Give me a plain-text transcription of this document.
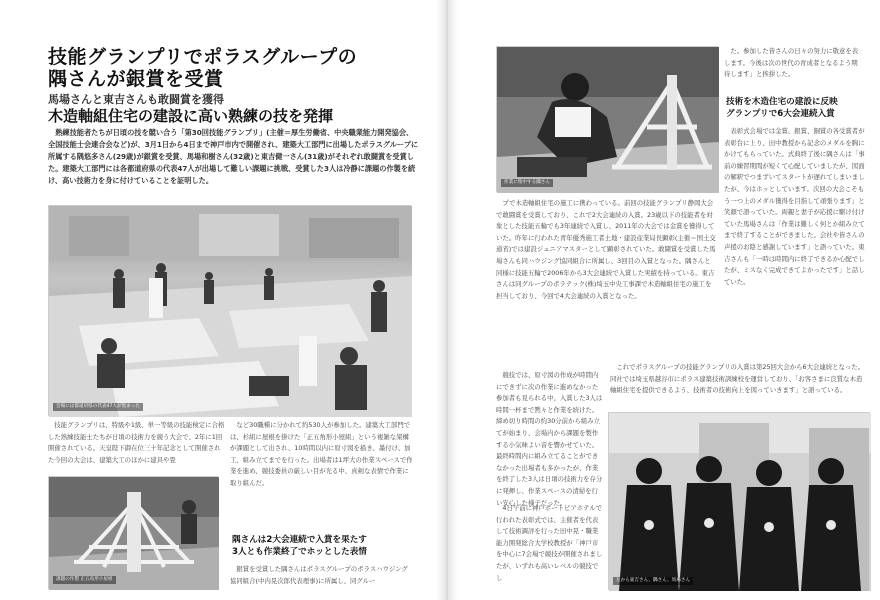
技能グランプリでポラスグループの
隅さんが銀賞を受賞
馬場さんと東吉さんも敢闘賞を獲得
木造軸組住宅の建設に高い熟練の技を発揮
熟練技能者たちが日頃の技を競い合う「第30回技能グランプリ」(主催＝厚生労働省、中央職業能力開発協会、全国技能士会連合会など)が、3月1日から4日まで神戸市内で開催され、建築大工部門に出場したポラスグループに所属する隅悠多さん(29歳)が銀賞を受賞、馬場和樹さん(32歳)と東吉健一さん(31歳)がそれぞれ敢闘賞を受賞した。建築大工部門には各都道府県の代表47人が出場して難しい課題に挑戦、受賞した3人は冷静に課題の作製を続け、高い技術力を身に付けていることを証明した。
会場には都道府県の代表47人が集まった
技能グランプリは、特級や1級、単一等級の技能検定に合格した熟練技能士たちが日頃の技術力を競う大会で、2年に1回開催されている。天皇陛下御在位三十年記念として開催された今回の大会は、建築大工のほかに建具や畳
課題の作製 正五角形小屋組
など30職種に分かれて約530人が参加した。建築大工部門では、杉組に屋根を掛けた「正五角形小屋組」という複雑な架構が課題として出され、10時間以内に原寸図を描き、墨付け、加工、組み立てまでを行った。出場者は1坪大の作業スペースで作業を進め、競技委員の厳しい目が光る中、真剣な表情で作業に取り組んだ。
隅さんは2大会連続で入賞を果たす
3人とも作業終了でホッとした表情
銀賞を受賞した隅さんはポラスグループのポラスハウジング協同組合(中内晃次郎代表理事)に所属し、同グルー
作業に集中する隅さん
た。参加した皆さんの日々の努力に敬意を表します。今後は次の世代の育成者となるよう期待します」と挨拶した。
技術を木造住宅の建設に反映
グランプリで6大会連続入賞
表彰式会場では金賞、銀賞、銅賞の各受賞者が表彰台に上り、田中教授から記念のメダルを胸にかけてもらっていた。式典終了後に隅さんは「事前の練習期間が短くて心配していましたが、図面の解釈でつまずいてスタートが遅れてしまいましたが、今はホッとしています。次回の大会こそもう一つ上のメダル獲得を目指して頑張ります」と笑顔で語っていた。両親と妻子が応援に駆け付けていた馬場さんは「作業は難しく何とか組み立てまで終了することができました。会社や皆さんの声援のお陰と感謝しています」と語っていた。東吉さんも「一時は時間内に終了できるか心配でしたが、ミスなく完成できてよかったです」と話していた。
プで木造軸組住宅の施工に携わっている。前回の技能グランプリ静岡大会で敢闘賞を受賞しており、これで2大会連続の入賞。23歳以下の技能者を対象とした技能五輪でも3年連続で入賞し、2011年の大会では金賞を獲得していた。昨年に行われた青年優秀施工者土地・建設産業局長顕彰(主催＝国土交通省)では建設ジュニアマスターとして顕彰されていた。敢闘賞を受賞した馬場さんも同ハウジング協同組合に所属し、3回目の入賞となった。隅さんと同様に技能五輪で2006年から3大会連続で入賞した実績を持っている。東吉さんは同グループのポラテック(株)埼玉中央工事課で木造軸組住宅の施工を担当しており、今回で4大会連続の入賞となった。
競技では、原寸図の作成が時間内にできずに次の作業に進めなかった参加者も見られる中、入賞した3人は時間一杯まで黙々と作業を続けた。締め切り時間の約30分前から組み立てが始まり、会場内から課題を製作する小気味よい音を響かせていた。最終時間内に組み立てることができなかった出場者も多かったが、作業を終了した3人は日頃の技術力を存分に発揮し、作業スペースの清掃を行い安心した様子だった。
4日午前に神戸ポートピアホテルで行われた表彰式では、主催者を代表して技術調評を行った田中晃・職業能力開発総合大学校教授が「神戸市を中心に7会場で競技が開催されましたが、いずれも高いレベルの競技でし
これでポラスグループの技能グランプリの入賞は第25回大会から6大会連続となった。同社では埼玉県越谷市にポラス建築技術訓練校を運営しており、「お客さまに良質な木造軸組住宅を提供できるよう、技術者の技術向上を図っていきます」と語っている。
左から東吉さん、隅さん、馬場さん
